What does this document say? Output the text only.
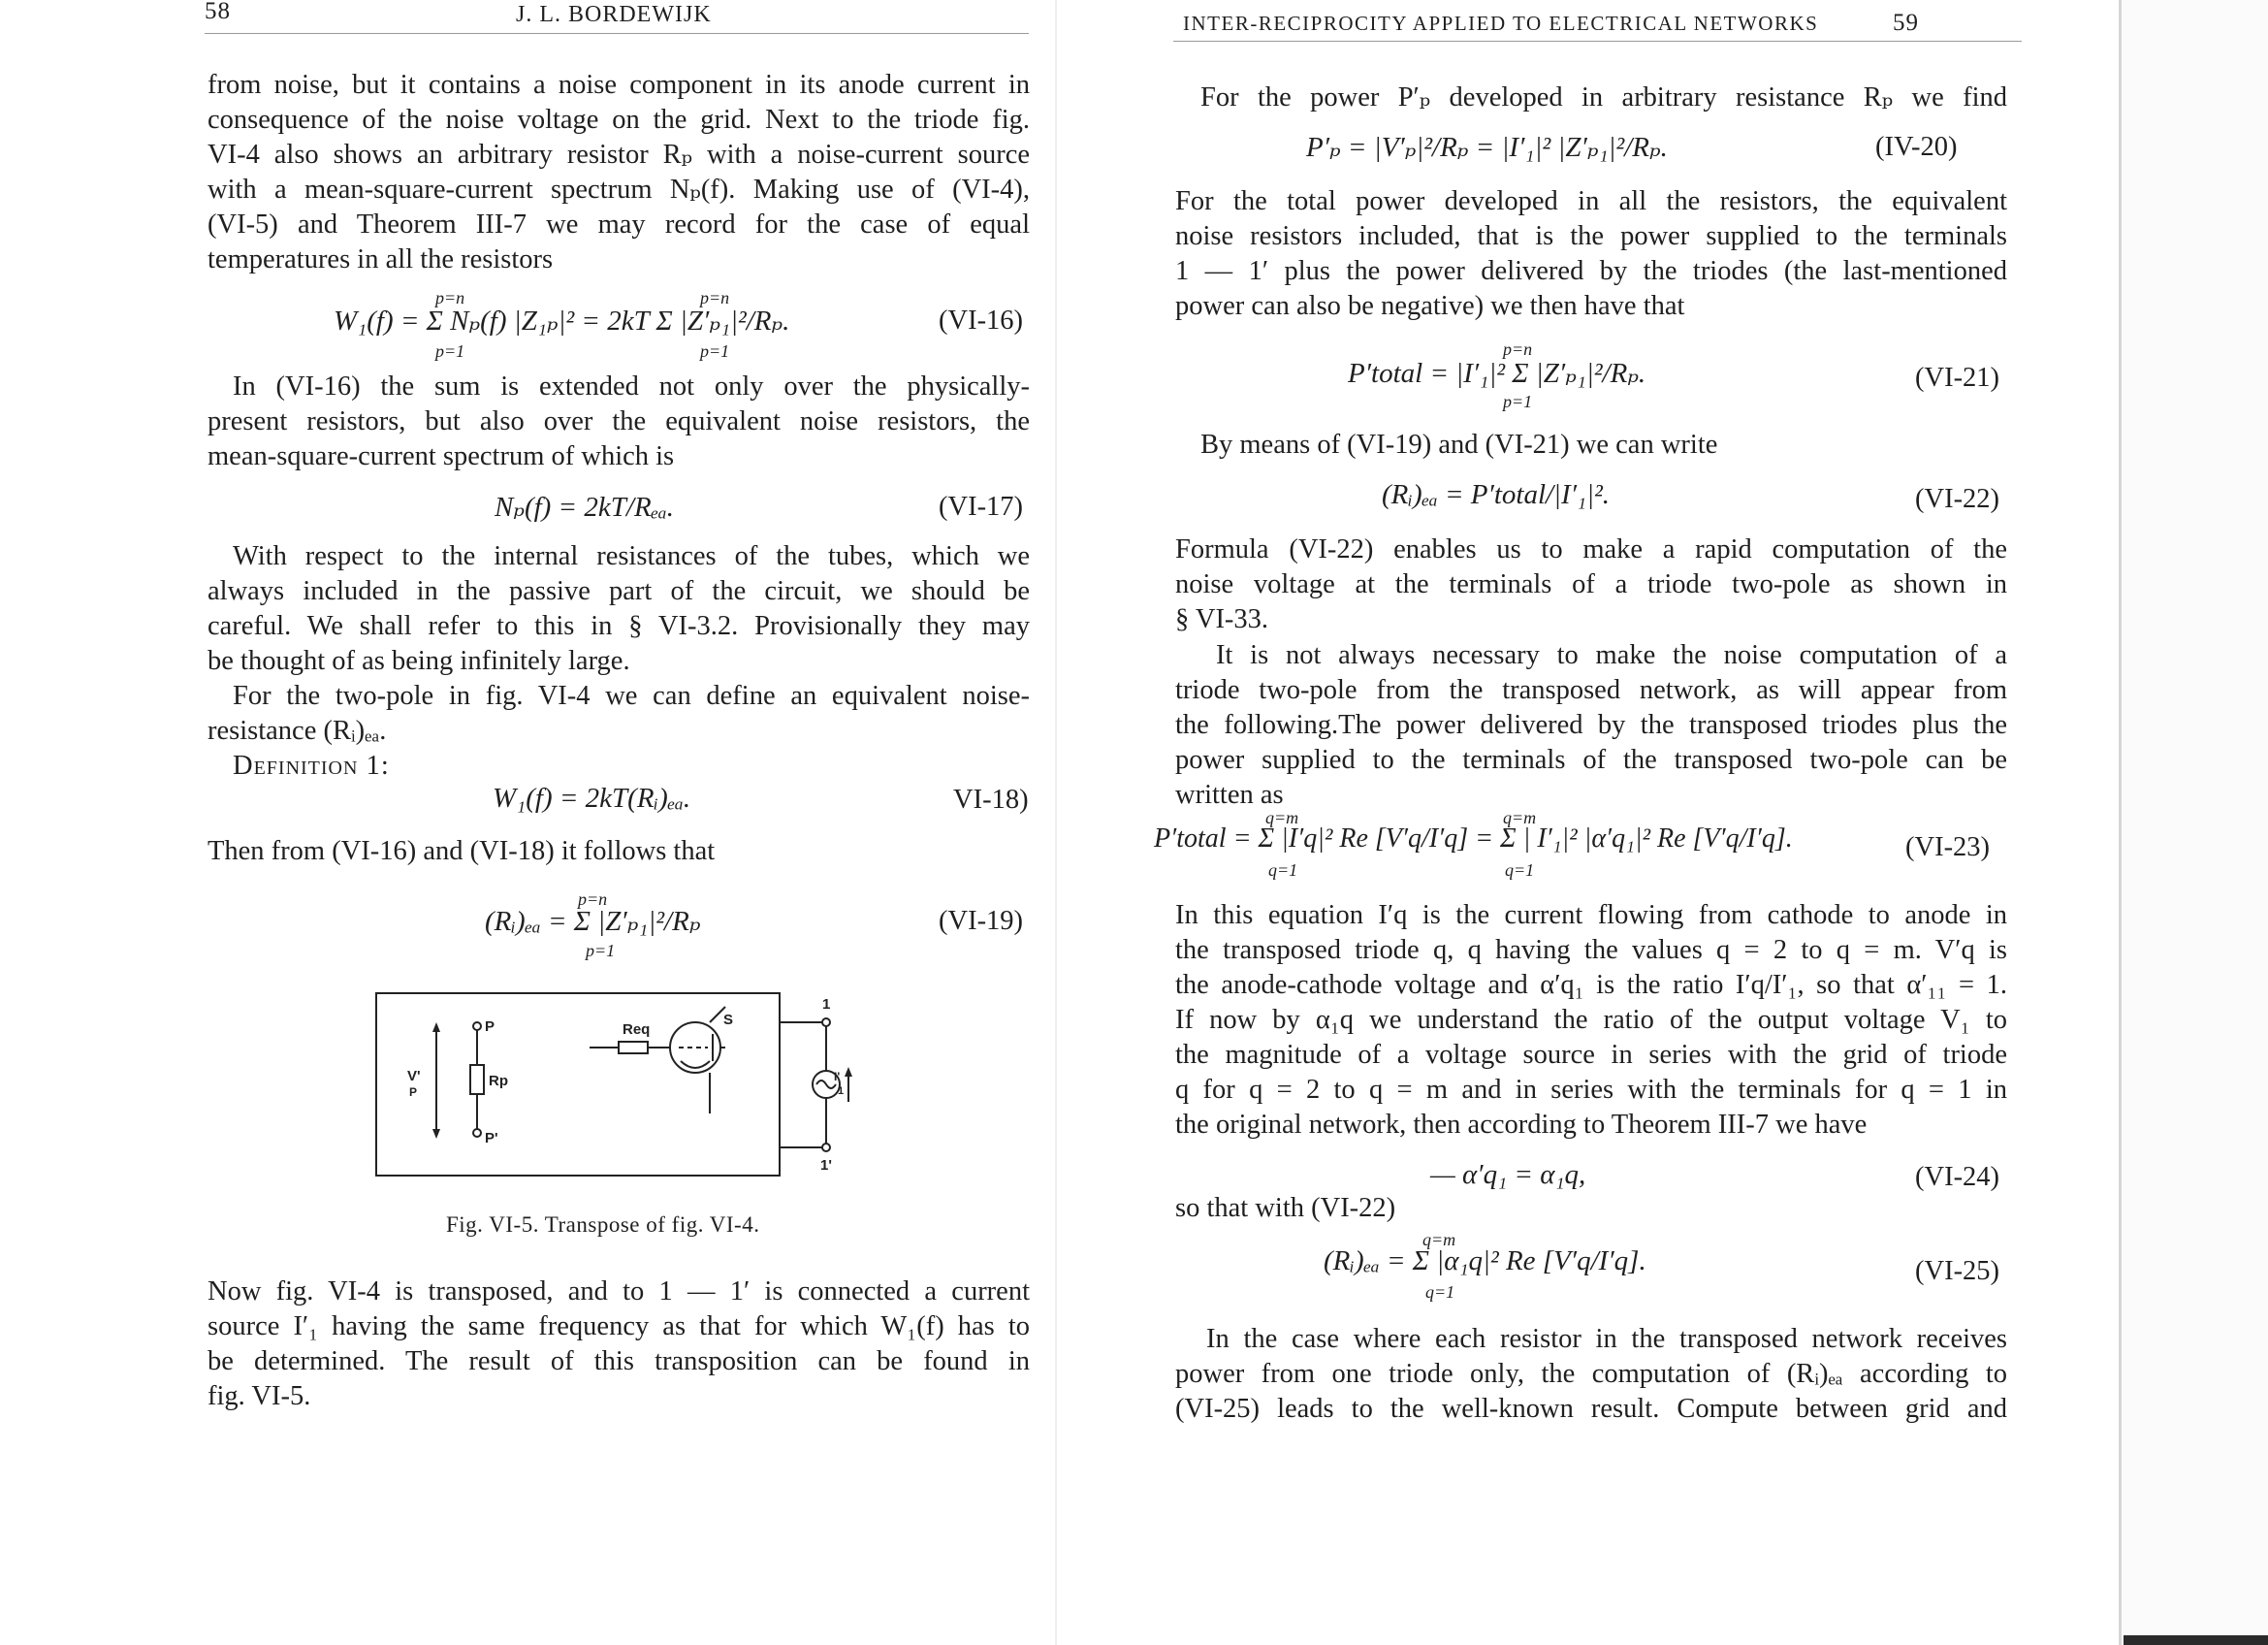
58	J. L. BORDEWIJK
from noise, but it contains a noise component in its anode current in
consequence of the noise voltage on the grid. Next to the triode fig.
VI-4 also shows an arbitrary resistor Rₚ with a noise-current source
with a mean-square-current spectrum Nₚ(f). Making use of (VI-4),
(VI-5) and Theorem III-7 we may record for the case of equal
temperatures in all the resistors
p=n	p=n
W₁(f) = Σ Nₚ(f) |Z₁ₚ|² = 2kT Σ |Z′ₚ₁|²/Rₚ.
p=1	p=1
(VI-16)
In (VI-16) the sum is extended not only over the physically-
present resistors, but also over the equivalent noise resistors, the
mean-square-current spectrum of which is
Nₚ(f) = 2kT/Rₑₐ.	(VI-17)
With respect to the internal resistances of the tubes, which we
always included in the passive part of the circuit, we should be
careful. We shall refer to this in § VI-3.2. Provisionally they may
be thought of as being infinitely large.
For the two-pole in fig. VI-4 we can define an equivalent noise-
resistance (Rᵢ)ₑₐ.
Definition 1:
W₁(f) = 2kT(Rᵢ)ₑₐ.	VI-18)
Then from (VI-16) and (VI-18) it follows that
p=n
(Rᵢ)ₑₐ = Σ |Z′ₚ₁|²/Rₚ
p=1
(VI-19)
Req
S
P
Rp
P'
V'
P
1
1'
I'
1
Fig. VI-5. Transpose of fig. VI-4.
Now fig. VI-4 is transposed, and to 1 — 1′ is connected a current
source I′₁ having the same frequency as that for which W₁(f) has to
be determined. The result of this transposition can be found in
fig. VI-5.
INTER-RECIPROCITY APPLIED TO ELECTRICAL NETWORKS	59
For the power P′ₚ developed in arbitrary resistance Rₚ we find
P′ₚ = |V′ₚ|²/Rₚ = |I′₁|² |Z′ₚ₁|²/Rₚ.	(IV-20)
For the total power developed in all the resistors, the equivalent
noise resistors included, that is the power supplied to the terminals
1 — 1′ plus the power delivered by the triodes (the last-mentioned
power can also be negative) we then have that
p=n
P′total = |I′₁|² Σ |Z′ₚ₁|²/Rₚ.
p=1
(VI-21)
By means of (VI-19) and (VI-21) we can write
(Rᵢ)ₑₐ = P′total/|I′₁|².	(VI-22)
Formula (VI-22) enables us to make a rapid computation of the
noise voltage at the terminals of a triode two-pole as shown in
§ VI-33.
It is not always necessary to make the noise computation of a
triode two-pole from the transposed network, as will appear from
the following.The power delivered by the transposed triodes plus the
power supplied to the terminals of the transposed two-pole can be
written as
q=m	q=m
P′total = Σ |I′q|² Re [V′q/I′q] = Σ | I′₁|² |α′q₁|² Re [V′q/I′q].
q=1	q=1
(VI-23)
In this equation I′q is the current flowing from cathode to anode in
the transposed triode q, q having the values q = 2 to q = m. V′q is
the anode-cathode voltage and α′q₁ is the ratio I′q/I′₁, so that α′₁₁ = 1.
If now by α₁q we understand the ratio of the output voltage V₁ to
the magnitude of a voltage source in series with the grid of triode
q for q = 2 to q = m and in series with the terminals for q = 1 in
the original network, then according to Theorem III-7 we have
— α′q₁ = α₁q,	(VI-24)
so that with (VI-22)
q=m
(Rᵢ)ₑₐ = Σ |α₁q|² Re [V′q/I′q].
q=1
(VI-25)
In the case where each resistor in the transposed network receives
power from one triode only, the computation of (Rᵢ)ₑₐ according to
(VI-25) leads to the well-known result. Compute between grid and
